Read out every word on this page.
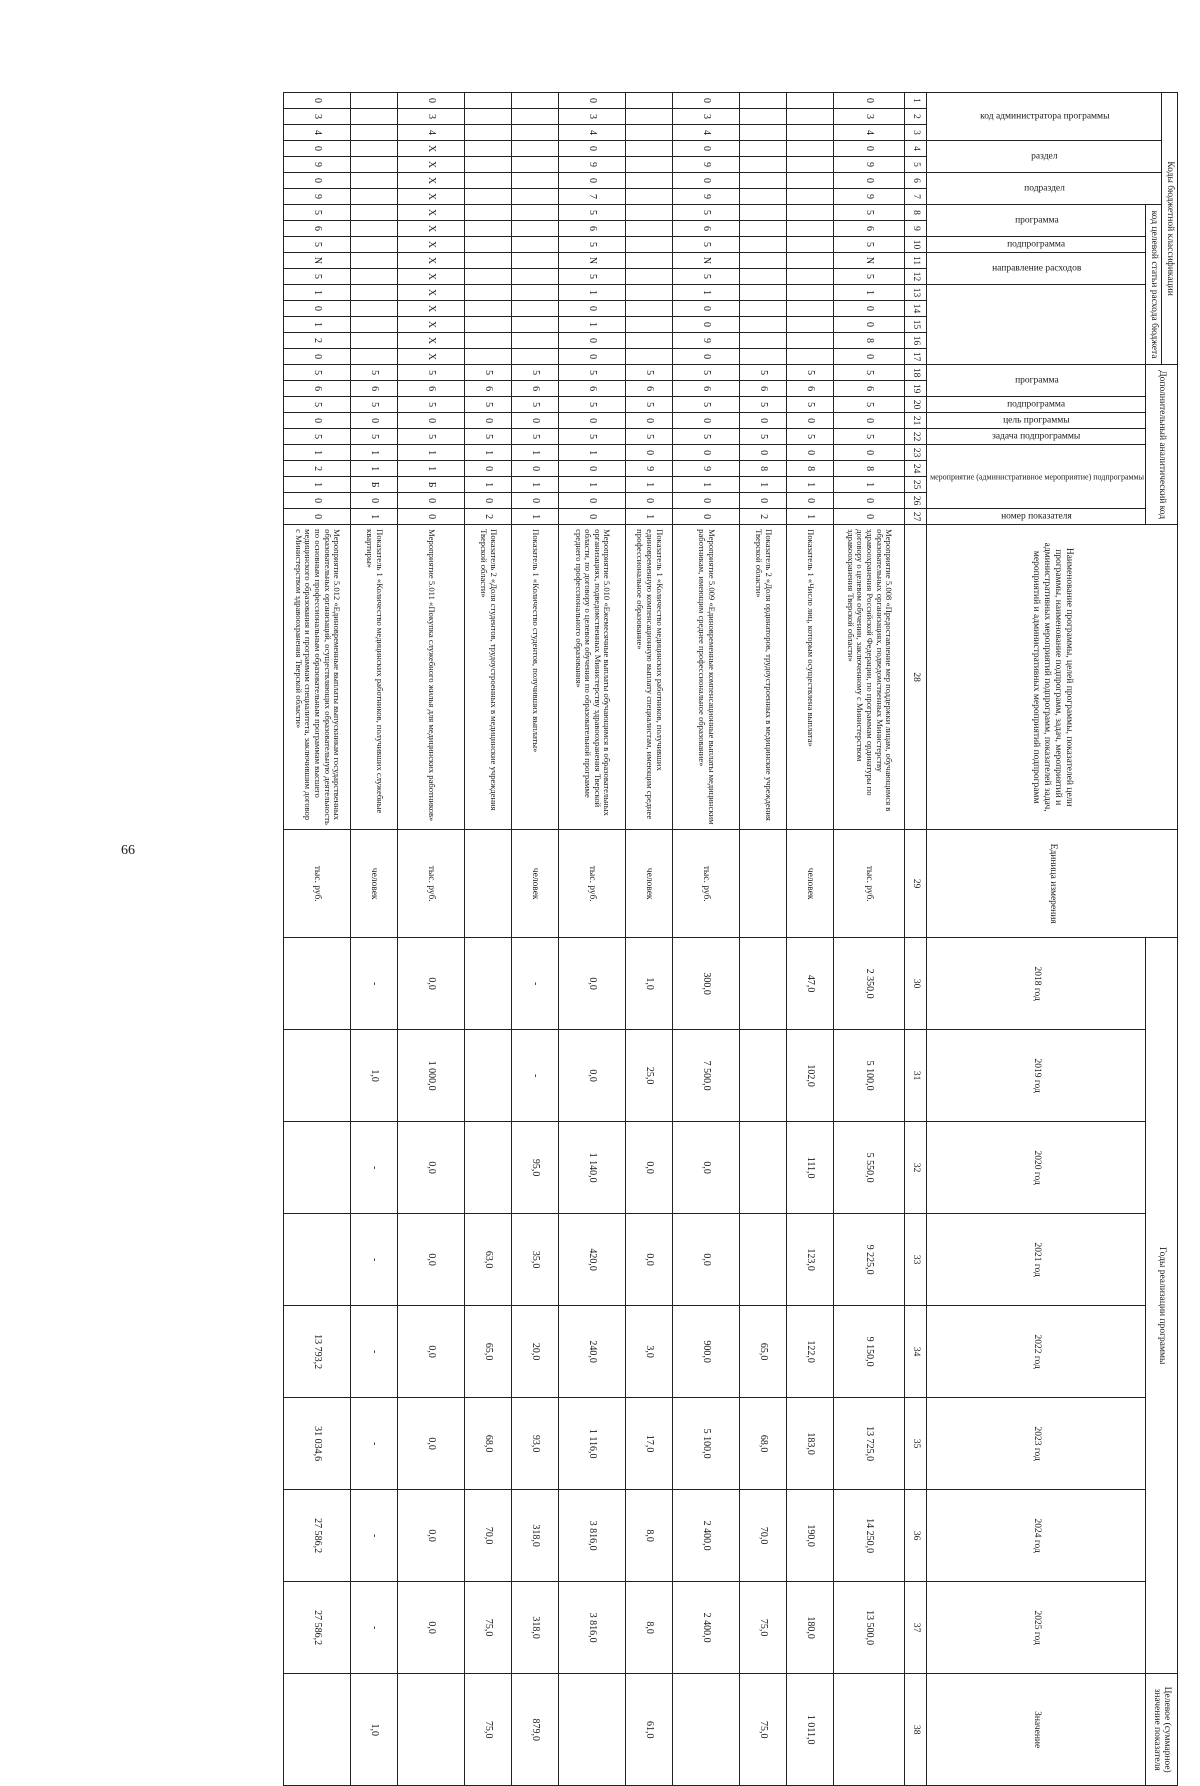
66
Коды бюджетной классификации																	Дополнительный аналитический код										Наименование программы, целей программы, показателей цели программы, наименование подпрограмм, задач, мероприятий и административных мероприятий подпрограмм, показателей задач, мероприятий и административных мероприятий подпрограмм	Единица измерения	Годы реализации программы								Целевое (суммарное) значение показателя
код администратора программы			раздел		подраздел		код целевой статьи расхода бюджета																														
							программа		подпрограмма	направление расходов							программа		подпрограмма	цель программы	задача подпрограммы	мероприятие (административное мероприятие) подпрограммы				номер показателя			2018 год	2019 год	2020 год	2021 год	2022 год	2023 год	2024 год	2025 год	Значение
1	2	3	4	5	6	7	8	9	10	11	12	13	14	15	16	17	18	19	20	21	22	23	24	25	26	27	28	29	30	31	32	33	34	35	36	37	38
0	3	4	0	9	0	9	5	6	5	N	5	1	0	0	8	0	5	6	5	0	5	0	8	1	0	0	Мероприятие 5.008 «Предоставление мер поддержки лицам, обучающимся в образовательных организациях, подведомственных Министерству здравоохранения Российской Федерации, по программам ординатуры по договору о целевом обучении, заключенному с Министерством здравоохранения Тверской области»	тыс. руб.	2 350,0	5 100,0	5 550,0	9 225,0	9 150,0	13 725,0	14 250,0	13 500,0	
																	5	6	5	0	5	0	8	1	0	1	Показатель 1 «Число лиц, которым осуществлена выплата»	человек	47,0	102,0	111,0	123,0	122,0	183,0	190,0	180,0	1 011,0
																	5	6	5	0	5	0	8	1	0	2	Показатель 2 «Доля ординаторов, трудоустроенных в медицинские учреждения Тверской области»						65,0	68,0	70,0	75,0	75,0
0	3	4	0	9	0	9	5	6	5	N	5	1	0	0	9	0	5	6	5	0	5	0	9	1	0	0	Мероприятие 5.009 «Единовременные компенсационные выплаты медицинским работникам, имеющим среднее профессиональное образование»	тыс. руб.	300,0	7 500,0	0,0	0,0	900,0	5 100,0	2 400,0	2 400,0	
																	5	6	5	0	5	0	9	1	0	1	Показатель 1 «Количество медицинских работников, получивших единовременную компенсационную выплату специалистам, имеющим среднее профессиональное образование»	человек	1,0	25,0	0,0	0,0	3,0	17,0	8,0	8,0	61,0
0	3	4	0	9	0	7	5	6	5	N	5	1	0	1	0	0	5	6	5	0	5	1	0	1	0	0	Мероприятие 5.010 «Ежемесячные выплаты обучающимся в образовательных организациях, подведомственных Министерству здравоохранения Тверской области, по договору о целевом обучении по образовательной программе среднего профессионального образования»	тыс. руб.	0,0	0,0	1 140,0	420,0	240,0	1 116,0	3 816,0	3 816,0	
																	5	6	5	0	5	1	0	1	0	1	Показатель 1 «Количество студентов, получивших выплаты»	человек	-	-	95,0	35,0	20,0	93,0	318,0	318,0	879,0
																	5	6	5	0	5	1	0	1	0	2	Показатель 2 «Доля студентов, трудоустроенных в медицинские учреждения Тверской области»					63,0	65,0	68,0	70,0	75,0	75,0
0	3	4	Х	Х	Х	Х	Х	Х	Х	Х	Х	Х	Х	Х	Х	Х	5	6	5	0	5	1	1	Б	0	0	Мероприятие 5.011 «Покупка служебного жилья для медицинских работников»	тыс. руб.	0,0	1 000,0	0,0	0,0	0,0	0,0	0,0	0,0	
																	5	6	5	0	5	1	1	Б	0	1	Показатель 1 «Количество медицинских работников, получивших служебные квартиры»	человек	-	1,0	-	-	-	-	-	-	1,0
0	3	4	0	9	0	9	5	6	5	N	5	1	0	1	2	0	5	6	5	0	5	1	2	1	0	0	Мероприятие 5.012 «Единовременные выплаты выпускникам государственных образовательных организаций, осуществляющих образовательную деятельность по основным профессиональным образовательным программам высшего медицинского образования и программам специалитета, заключившим договор с Министерством здравоохранения Тверской области»	тыс. руб.					13 793,2	31 034,6	27 586,2	27 586,2	
